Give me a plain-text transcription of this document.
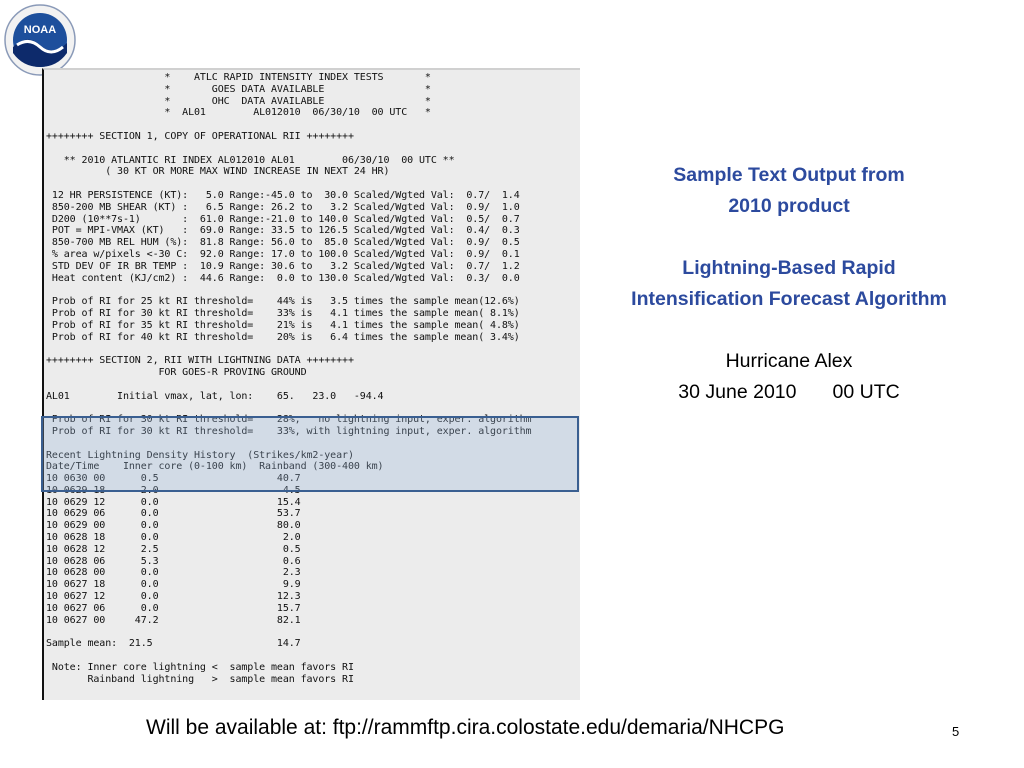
NOAA
*    ATLC RAPID INTENSITY INDEX TESTS       *
*       GOES DATA AVAILABLE                 *
*       OHC  DATA AVAILABLE                 *
*  AL01        AL012010  06/30/10  00 UTC   *

++++++++ SECTION 1, COPY OF OPERATIONAL RII ++++++++

** 2010 ATLANTIC RI INDEX AL012010 AL01        06/30/10  00 UTC **
( 30 KT OR MORE MAX WIND INCREASE IN NEXT 24 HR)

12 HR PERSISTENCE (KT):   5.0 Range:-45.0 to  30.0 Scaled/Wgted Val:  0.7/  1.4
850-200 MB SHEAR (KT) :   6.5 Range: 26.2 to   3.2 Scaled/Wgted Val:  0.9/  1.0
D200 (10**7s-1)       :  61.0 Range:-21.0 to 140.0 Scaled/Wgted Val:  0.5/  0.7
POT = MPI-VMAX (KT)   :  69.0 Range: 33.5 to 126.5 Scaled/Wgted Val:  0.4/  0.3
850-700 MB REL HUM (%):  81.8 Range: 56.0 to  85.0 Scaled/Wgted Val:  0.9/  0.5
% area w/pixels <-30 C:  92.0 Range: 17.0 to 100.0 Scaled/Wgted Val:  0.9/  0.1
STD DEV OF IR BR TEMP :  10.9 Range: 30.6 to   3.2 Scaled/Wgted Val:  0.7/  1.2
Heat content (KJ/cm2) :  44.6 Range:  0.0 to 130.0 Scaled/Wgted Val:  0.3/  0.0

Prob of RI for 25 kt RI threshold=    44% is   3.5 times the sample mean(12.6%)
Prob of RI for 30 kt RI threshold=    33% is   4.1 times the sample mean( 8.1%)
Prob of RI for 35 kt RI threshold=    21% is   4.1 times the sample mean( 4.8%)
Prob of RI for 40 kt RI threshold=    20% is   6.4 times the sample mean( 3.4%)

++++++++ SECTION 2, RII WITH LIGHTNING DATA ++++++++
FOR GOES-R PROVING GROUND

AL01        Initial vmax, lat, lon:    65.   23.0   -94.4

Prob of RI for 30 kt RI threshold=    28%,   no lightning input, exper. algorithm
Prob of RI for 30 kt RI threshold=    33%, with lightning input, exper. algorithm

Recent Lightning Density History  (Strikes/km2-year)
Date/Time    Inner core (0-100 km)  Rainband (300-400 km)
10 0630 00      0.5                    40.7
10 0629 18      2.0                     4.5
10 0629 12      0.0                    15.4
10 0629 06      0.0                    53.7
10 0629 00      0.0                    80.0
10 0628 18      0.0                     2.0
10 0628 12      2.5                     0.5
10 0628 06      5.3                     0.6
10 0628 00      0.0                     2.3
10 0627 18      0.0                     9.9
10 0627 12      0.0                    12.3
10 0627 06      0.0                    15.7
10 0627 00     47.2                    82.1

Sample mean:  21.5                     14.7

Note: Inner core lightning <  sample mean favors RI
Rainband lightning   >  sample mean favors RI
Sample Text Output from
2010 product
Lightning-Based Rapid
Intensification Forecast Algorithm
Hurricane Alex
30 June 2010 00 UTC
Will be available at: ftp://rammftp.cira.colostate.edu/demaria/NHCPG	5
